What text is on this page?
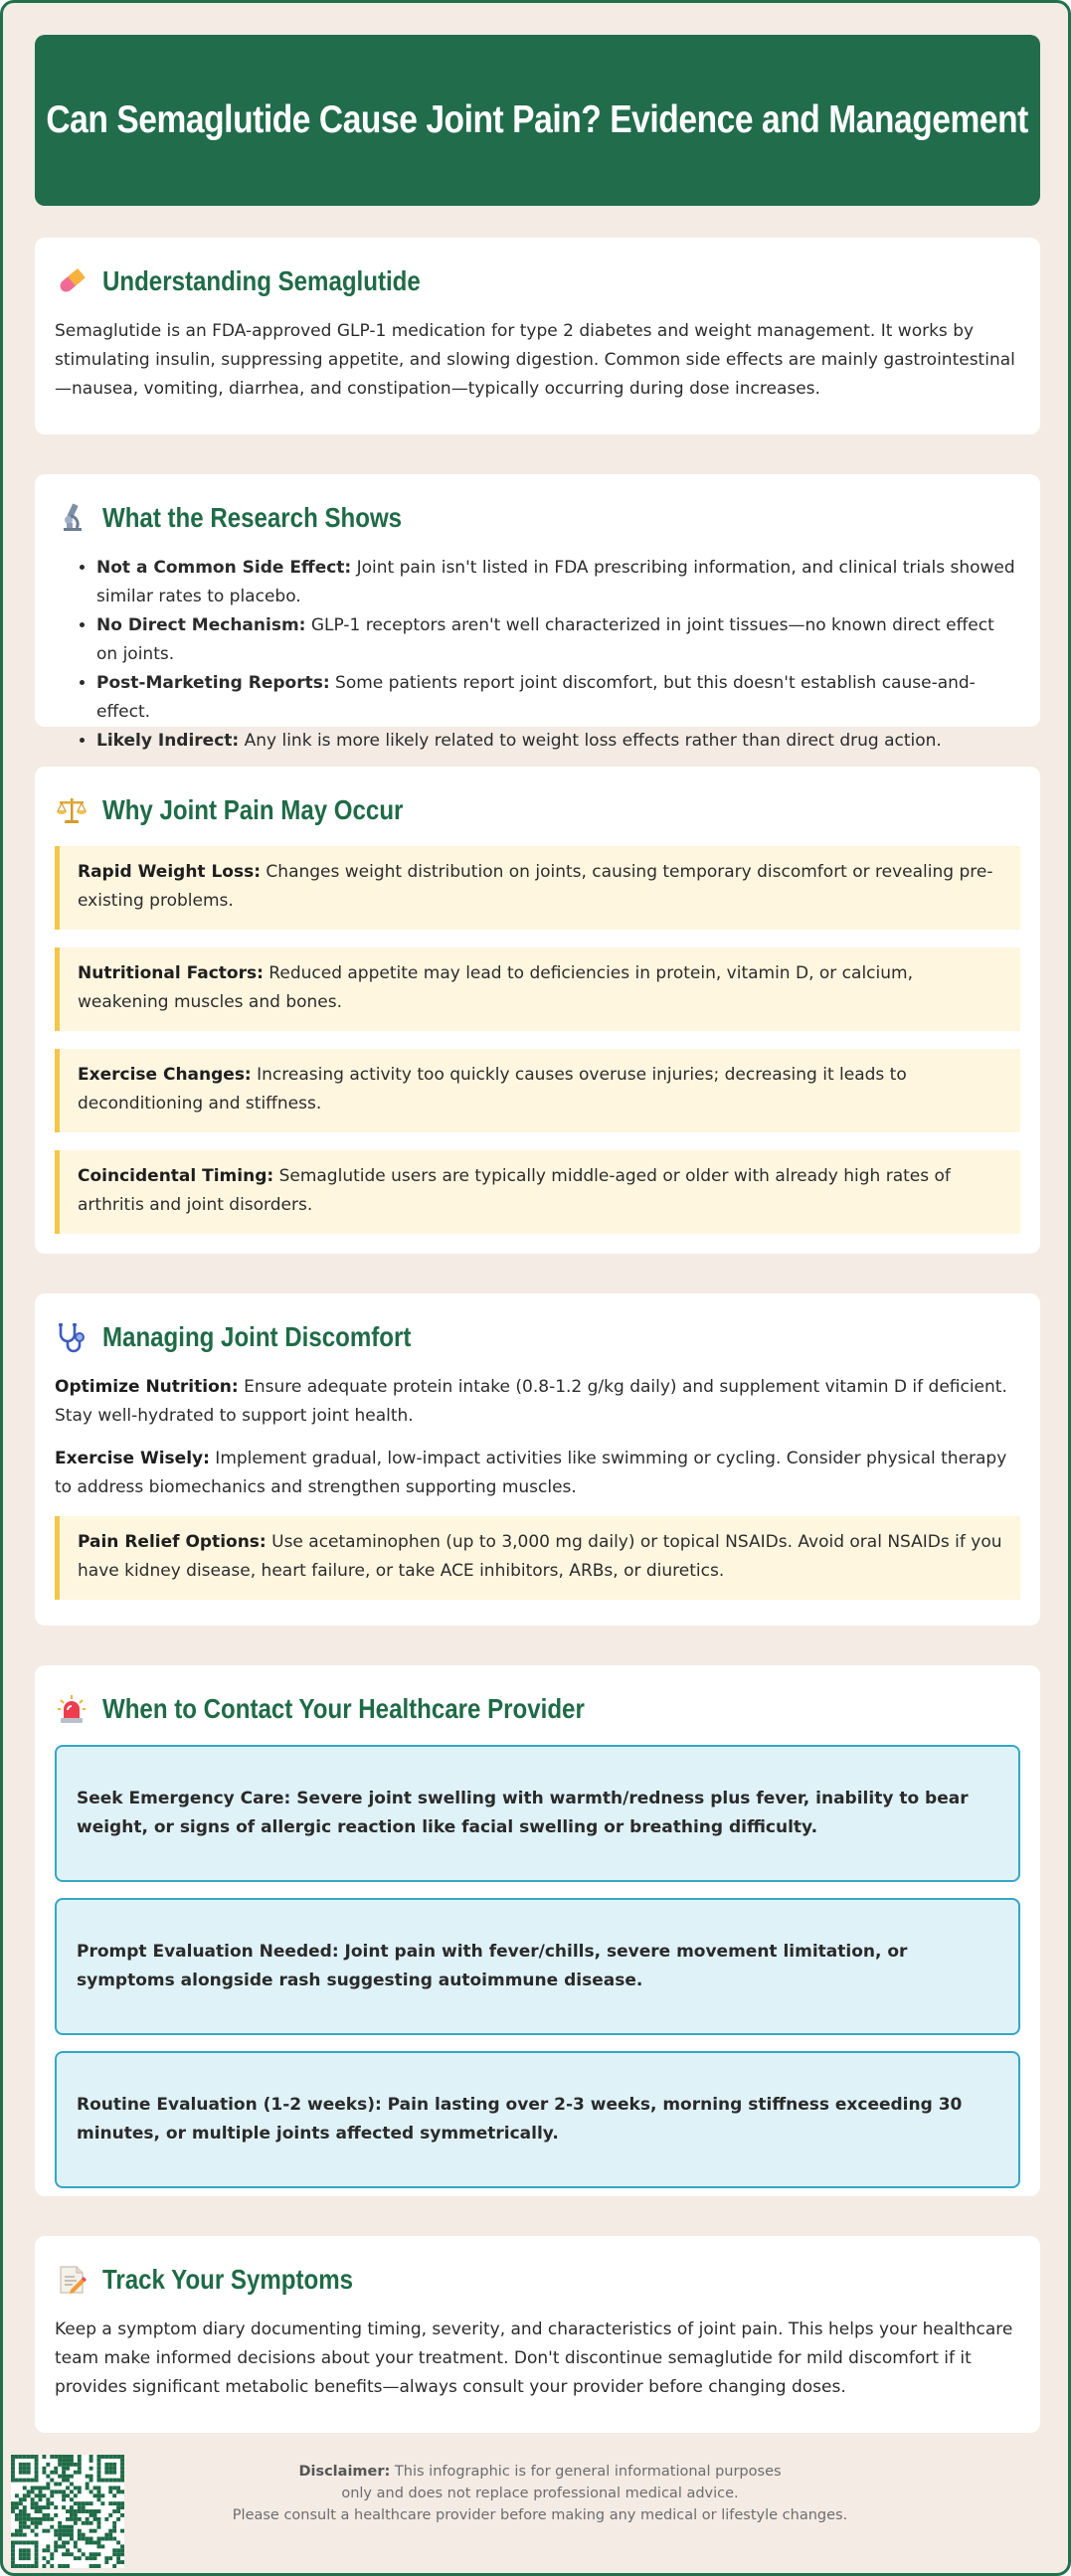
Can Semaglutide Cause Joint Pain? Evidence and Management
Understanding Semaglutide

Semaglutide is an FDA-approved GLP-1 medication for type 2 diabetes and weight management. It works by stimulating insulin, suppressing appetite, and slowing digestion. Common side effects are mainly gastrointestinal—nausea, vomiting, diarrhea, and constipation—typically occurring during dose increases.

What the Research Shows
• Not a Common Side Effect: Joint pain isn't listed in FDA prescribing information, and clinical trials showed similar rates to placebo.
• No Direct Mechanism: GLP-1 receptors aren't well characterized in joint tissues—no known direct effect on joints.
• Post-Marketing Reports: Some patients report joint discomfort, but this doesn't establish cause-and-effect.
• Likely Indirect: Any link is more likely related to weight loss effects rather than direct drug action.
Why Joint Pain May Occur

Rapid Weight Loss: Changes weight distribution on joints, causing temporary discomfort or revealing pre-existing problems.

Nutritional Factors: Reduced appetite may lead to deficiencies in protein, vitamin D, or calcium, weakening muscles and bones.

Exercise Changes: Increasing activity too quickly causes overuse injuries; decreasing it leads to deconditioning and stiffness.

Coincidental Timing: Semaglutide users are typically middle-aged or older with already high rates of arthritis and joint disorders.

Managing Joint Discomfort

Optimize Nutrition: Ensure adequate protein intake (0.8-1.2 g/kg daily) and supplement vitamin D if deficient. Stay well-hydrated to support joint health.

Exercise Wisely: Implement gradual, low-impact activities like swimming or cycling. Consider physical therapy to address biomechanics and strengthen supporting muscles.

Pain Relief Options: Use acetaminophen (up to 3,000 mg daily) or topical NSAIDs. Avoid oral NSAIDs if you have kidney disease, heart failure, or take ACE inhibitors, ARBs, or diuretics.

When to Contact Your Healthcare Provider
Seek Emergency Care: Severe joint swelling with warmth/redness plus fever, inability to bear weight, or signs of allergic reaction like facial swelling or breathing difficulty.
Prompt Evaluation Needed: Joint pain with fever/chills, severe movement limitation, or symptoms alongside rash suggesting autoimmune disease.
Routine Evaluation (1-2 weeks): Pain lasting over 2-3 weeks, morning stiffness exceeding 30 minutes, or multiple joints affected symmetrically.
Track Your Symptoms

Keep a symptom diary documenting timing, severity, and characteristics of joint pain. This helps your healthcare team make informed decisions about your treatment. Don't discontinue semaglutide for mild discomfort if it provides significant metabolic benefits—always consult your provider before changing doses.

Disclaimer: This infographic is for general informational purposes
only and does not replace professional medical advice.
Please consult a healthcare provider before making any medical or lifestyle changes.
